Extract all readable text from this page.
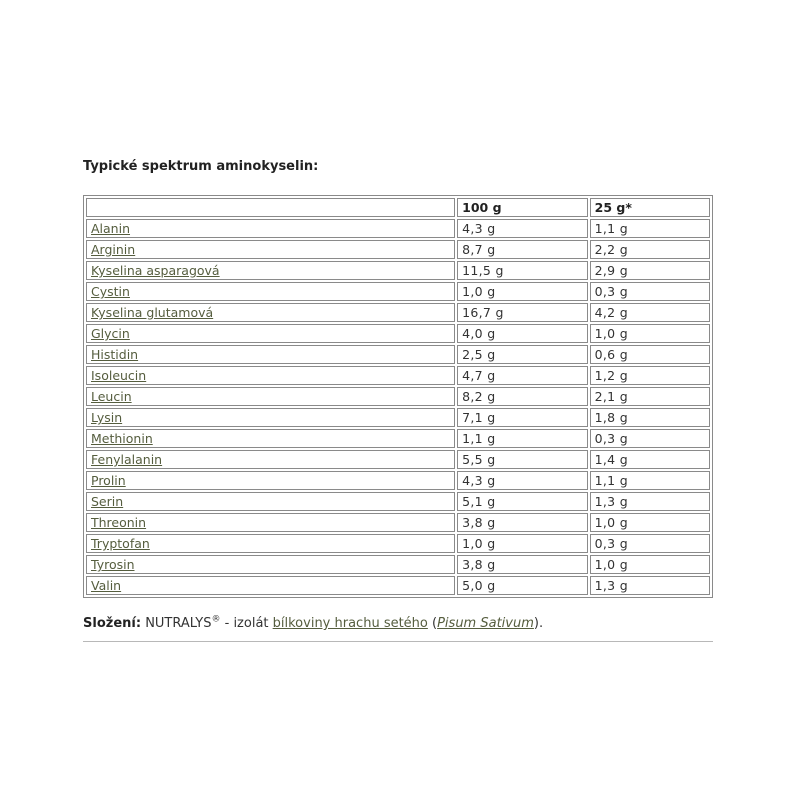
Typické spektrum aminokyselin:
	100 g	25 g*
Alanin	4,3 g	1,1 g
Arginin	8,7 g	2,2 g
Kyselina asparagová	11,5 g	2,9 g
Cystin	1,0 g	0,3 g
Kyselina glutamová	16,7 g	4,2 g
Glycin	4,0 g	1,0 g
Histidin	2,5 g	0,6 g
Isoleucin	4,7 g	1,2 g
Leucin	8,2 g	2,1 g
Lysin	7,1 g	1,8 g
Methionin	1,1 g	0,3 g
Fenylalanin	5,5 g	1,4 g
Prolin	4,3 g	1,1 g
Serin	5,1 g	1,3 g
Threonin	3,8 g	1,0 g
Tryptofan	1,0 g	0,3 g
Tyrosin	3,8 g	1,0 g
Valin	5,0 g	1,3 g
Složení: NUTRALYS® - izolát bílkoviny hrachu setého (Pisum Sativum).
